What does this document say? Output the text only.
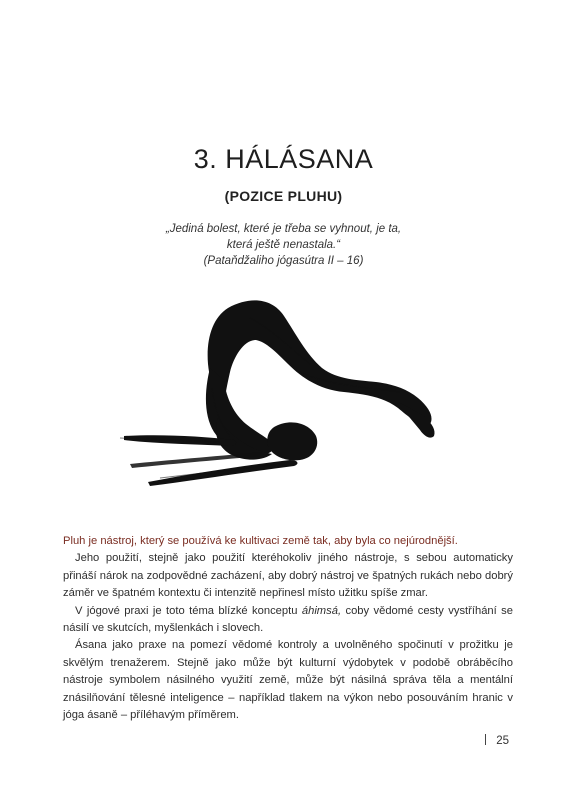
3. HÁLÁSANA
(POZICE PLUHU)
„Jediná bolest, které je třeba se vyhnout, je ta,
která ještě nenastala.“
(Pataňdžaliho jógasútra II – 16)

Pluh je nástroj, který se používá ke kultivaci země tak, aby byla co nejúrodnější.

Jeho použití, stejně jako použití kteréhokoliv jiného nástroje, s sebou automaticky přináší nárok na zodpovědné zacházení, aby dobrý nástroj ve špatných rukách nebo dobrý záměr ve špatném kontextu či intenzitě nepřinesl místo užitku spíše zmar.

V jógové praxi je toto téma blízké konceptu áhimsá, coby vědomé cesty vystříhání se násilí ve skutcích, myšlenkách i slovech.

Ásana jako praxe na pomezí vědomé kontroly a uvolněného spočinutí v prožitku je skvělým trenažerem. Stejně jako může být kulturní výdobytek v podobě obráběcího nástroje symbolem násilného využití země, může být násilná správa těla a mentální znásilňování tělesné inteligence – například tlakem na výkon nebo posouváním hranic v jóga ásaně – příléhavým příměrem.

25
